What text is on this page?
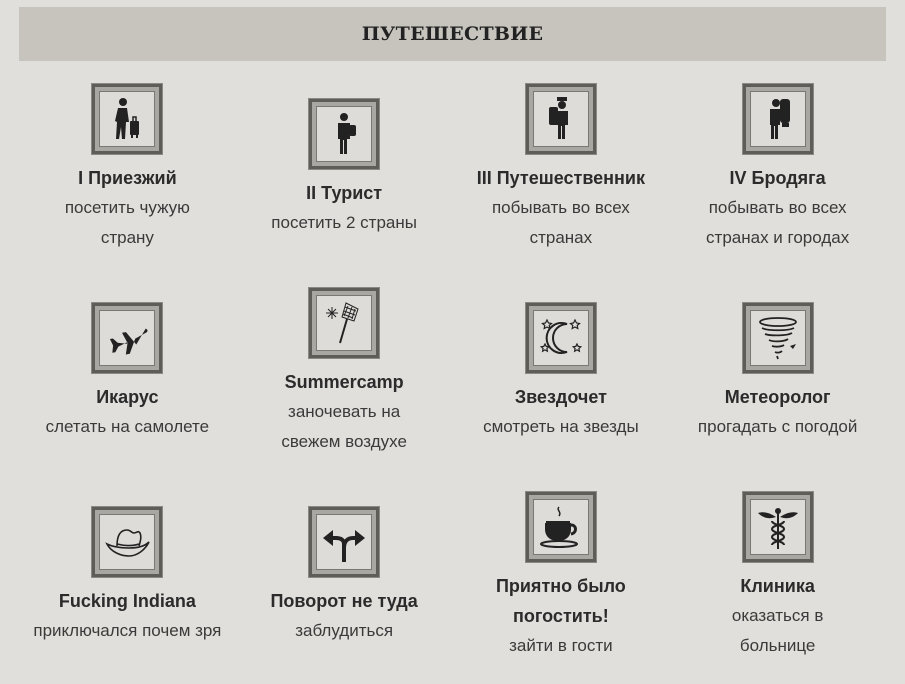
ПУТЕШЕСТВИЕ
I Приезжий
посетить чужую страну
II Турист
посетить 2 страны
III Путешественник
побывать во всех странах
IV Бродяга
побывать во всех странах и городах
Икарус
слетать на самолете
Summercamp
заночевать на свежем воздухе
Звездочет
смотреть на звезды
Метеоролог
прогадать с погодой
Fucking Indiana
приключался почем зря
Поворот не туда
заблудиться
Приятно было погостить!
зайти в гости
Клиника
оказаться в больнице
